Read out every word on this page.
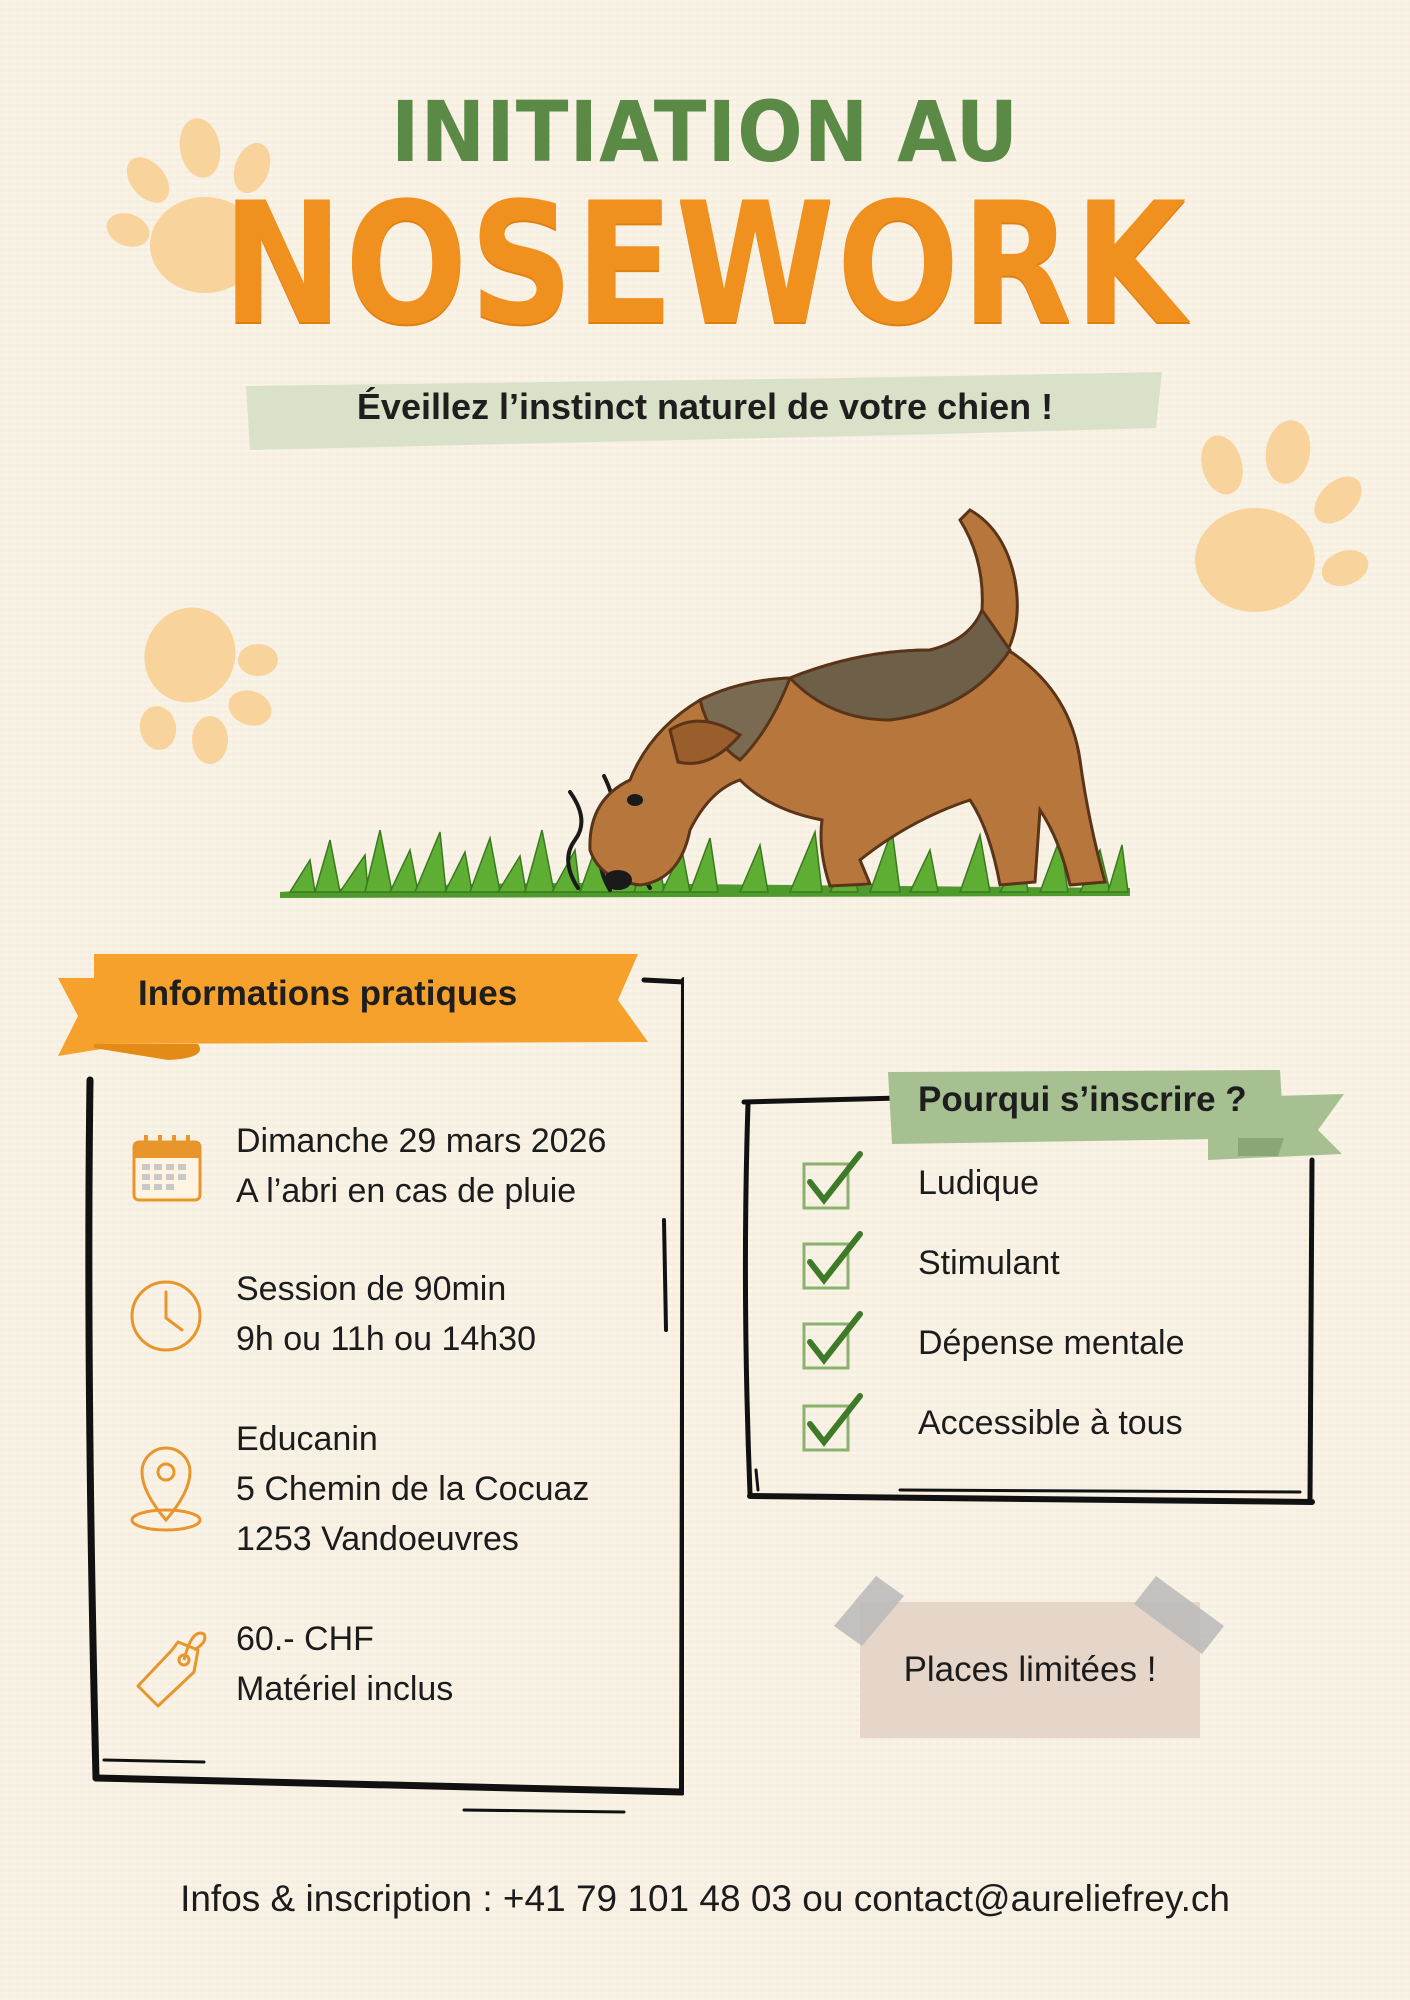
INITIATION AU
NOSEWORK
Éveillez l’instinct naturel de votre chien !
Informations pratiques
Dimanche 29 mars 2026
A l’abri en cas de pluie
Session de 90min
9h ou 11h ou 14h30
Educanin
5 Chemin de la Cocuaz
1253 Vandoeuvres
60.- CHF
Matériel inclus
Pourqui s’inscrire ?
Ludique
Stimulant
Dépense mentale
Accessible à tous
Places limitées !
Infos & inscription : +41 79 101 48 03 ou contact@aureliefrey.ch
